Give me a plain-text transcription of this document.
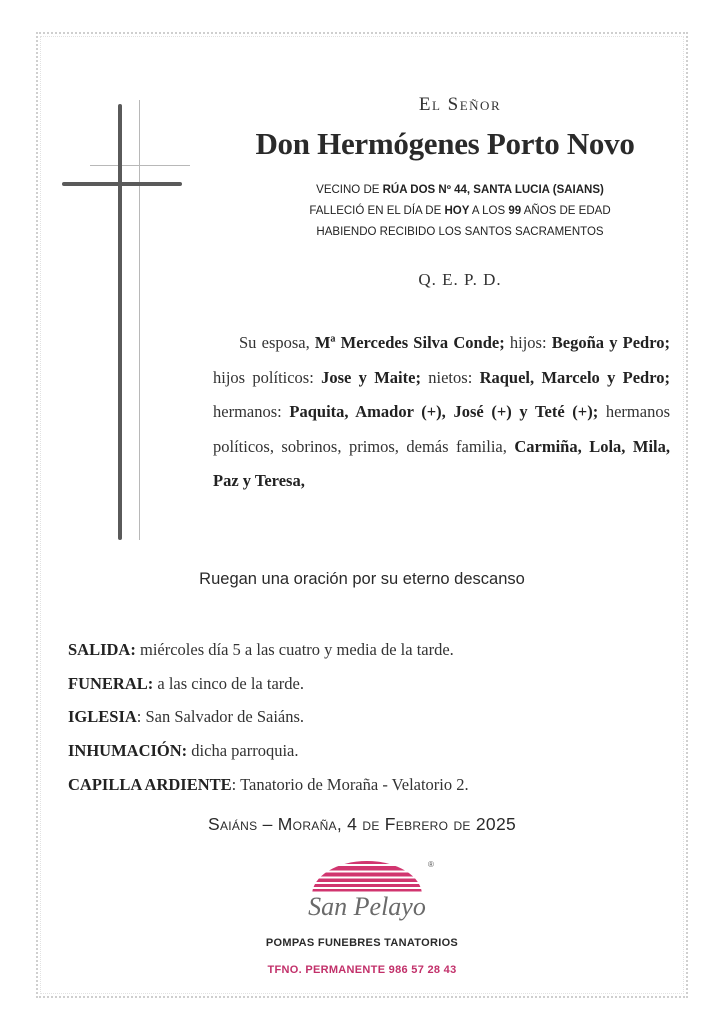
El Señor
Don Hermógenes Porto Novo
VECINO DE RÚA DOS Nº 44, SANTA LUCIA (SAIANS)
FALLECIÓ EN EL DÍA DE HOY A LOS 99 AÑOS DE EDAD
HABIENDO RECIBIDO LOS SANTOS SACRAMENTOS
Q. E. P. D.

Su esposa, Mª Mercedes Silva Conde; hijos: Begoña y Pedro; hijos políticos: Jose y Maite; nietos: Raquel, Marcelo y Pedro; hermanos: Paquita, Amador (+), José (+) y Teté (+); hermanos políticos, sobrinos, primos, demás familia, Carmiña, Lola, Mila, Paz y Teresa,

Ruegan una oración por su eterno descanso
SALIDA: miércoles día 5 a las cuatro y media de la tarde.
FUNERAL: a las cinco de la tarde.
IGLESIA: San Salvador de Saiáns.
INHUMACIÓN: dicha parroquia.
CAPILLA ARDIENTE: Tanatorio de Moraña - Velatorio 2.
Saiáns – Moraña, 4 de Febrero de 2025
®
San Pelayo
POMPAS FUNEBRES TANATORIOS
TFNO. PERMANENTE 986 57 28 43
